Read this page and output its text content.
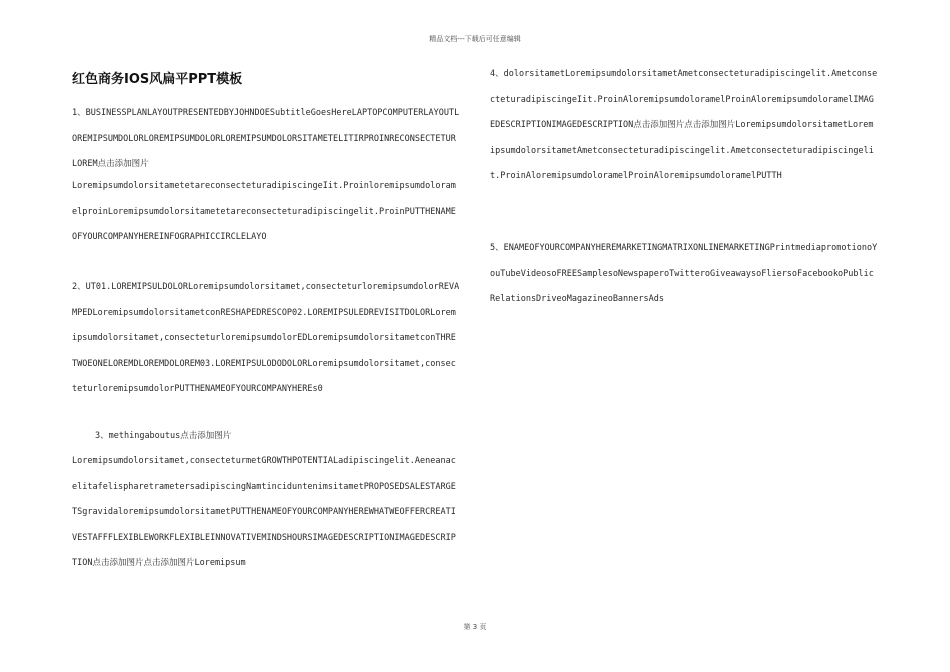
精品文档---下载后可任意编辑
红色商务IOS风扁平PPT模板

1、BUSINESSPLANLAYOUTPRESENTEDBYJOHNDOESubtitleGoesHereLAPTOPCOMPUTERLAYOUTLOREMIPSUMDOLORLOREMIPSUMDOLORLOREMIPSUMDOLORSITAMETELITIRPROINRECONSECTETURLOREM点击添加图片

LoremipsumdolorsitametetareconsecteturadipiscingeIit.ProinloremipsumdoloramelproinLoremipsumdolorsitametetareconsecteturadipiscingelit.ProinPUTTHENAMEOFYOURCOMPANYHEREINFOGRAPHICCIRCLELAYO

2、UT01.LOREMIPSULDOLORLoremipsumdolorsitamet,consecteturloremipsumdolorREVAMPEDLoremipsumdolorsitametconRESHAPEDRESCOP02.LOREMIPSULEDREVISITDOLORLoremipsumdolorsitamet,consecteturloremipsumdolorEDLoremipsumdolorsitametconTHRETWOEONELOREMDLOREMDOLOREM03.LOREMIPSULODODOLORLoremipsumdolorsitamet,consecteturloremipsumdolorPUTTHENAMEOFYOURCOMPANYHEREs0

3、methingaboutus点击添加图片

Loremipsumdolorsitamet,consecteturmetGROWTHPOTENTIALadipiscingelit.AeneanacelitafelispharetrametersadipiscingNamtinciduntenimsitametPROPOSEDSALESTARGETSgravidaloremipsumdolorsitametPUTTHENAMEOFYOURCOMPANYHEREWHATWEOFFERCREATIVESTAFFFLEXIBLEWORKFLEXIBLEINNOVATIVEMINDSHOURSIMAGEDESCRIPTIONIMAGEDESCRIPTION点击添加图片点击添加图片Loremipsum

4、dolorsitametLoremipsumdolorsitametAmetconsecteturadipiscingelit.AmetconsecteturadipiscingeIit.ProinAloremipsumdoloramelProinAloremipsumdoloramelIMAGEDESCRIPTIONIMAGEDESCRIPTION点击添加图片点击添加图片LoremipsumdolorsitametLoremipsumdolorsitametAmetconsecteturadipiscingelit.Ametconsecteturadipiscingelit.ProinAloremipsumdoloramelProinAloremipsumdoloramelPUTTH

5、ENAMEOFYOURCOMPANYHEREMARKETINGMATRIXONLINEMARKETINGPrintmediapromotionoYouTubeVideosoFREESamplesoNewspaperoTwitteroGiveawaysoFliersoFacebookoPublicRelationsDriveoMagazineoBannersAds

第 3 页
